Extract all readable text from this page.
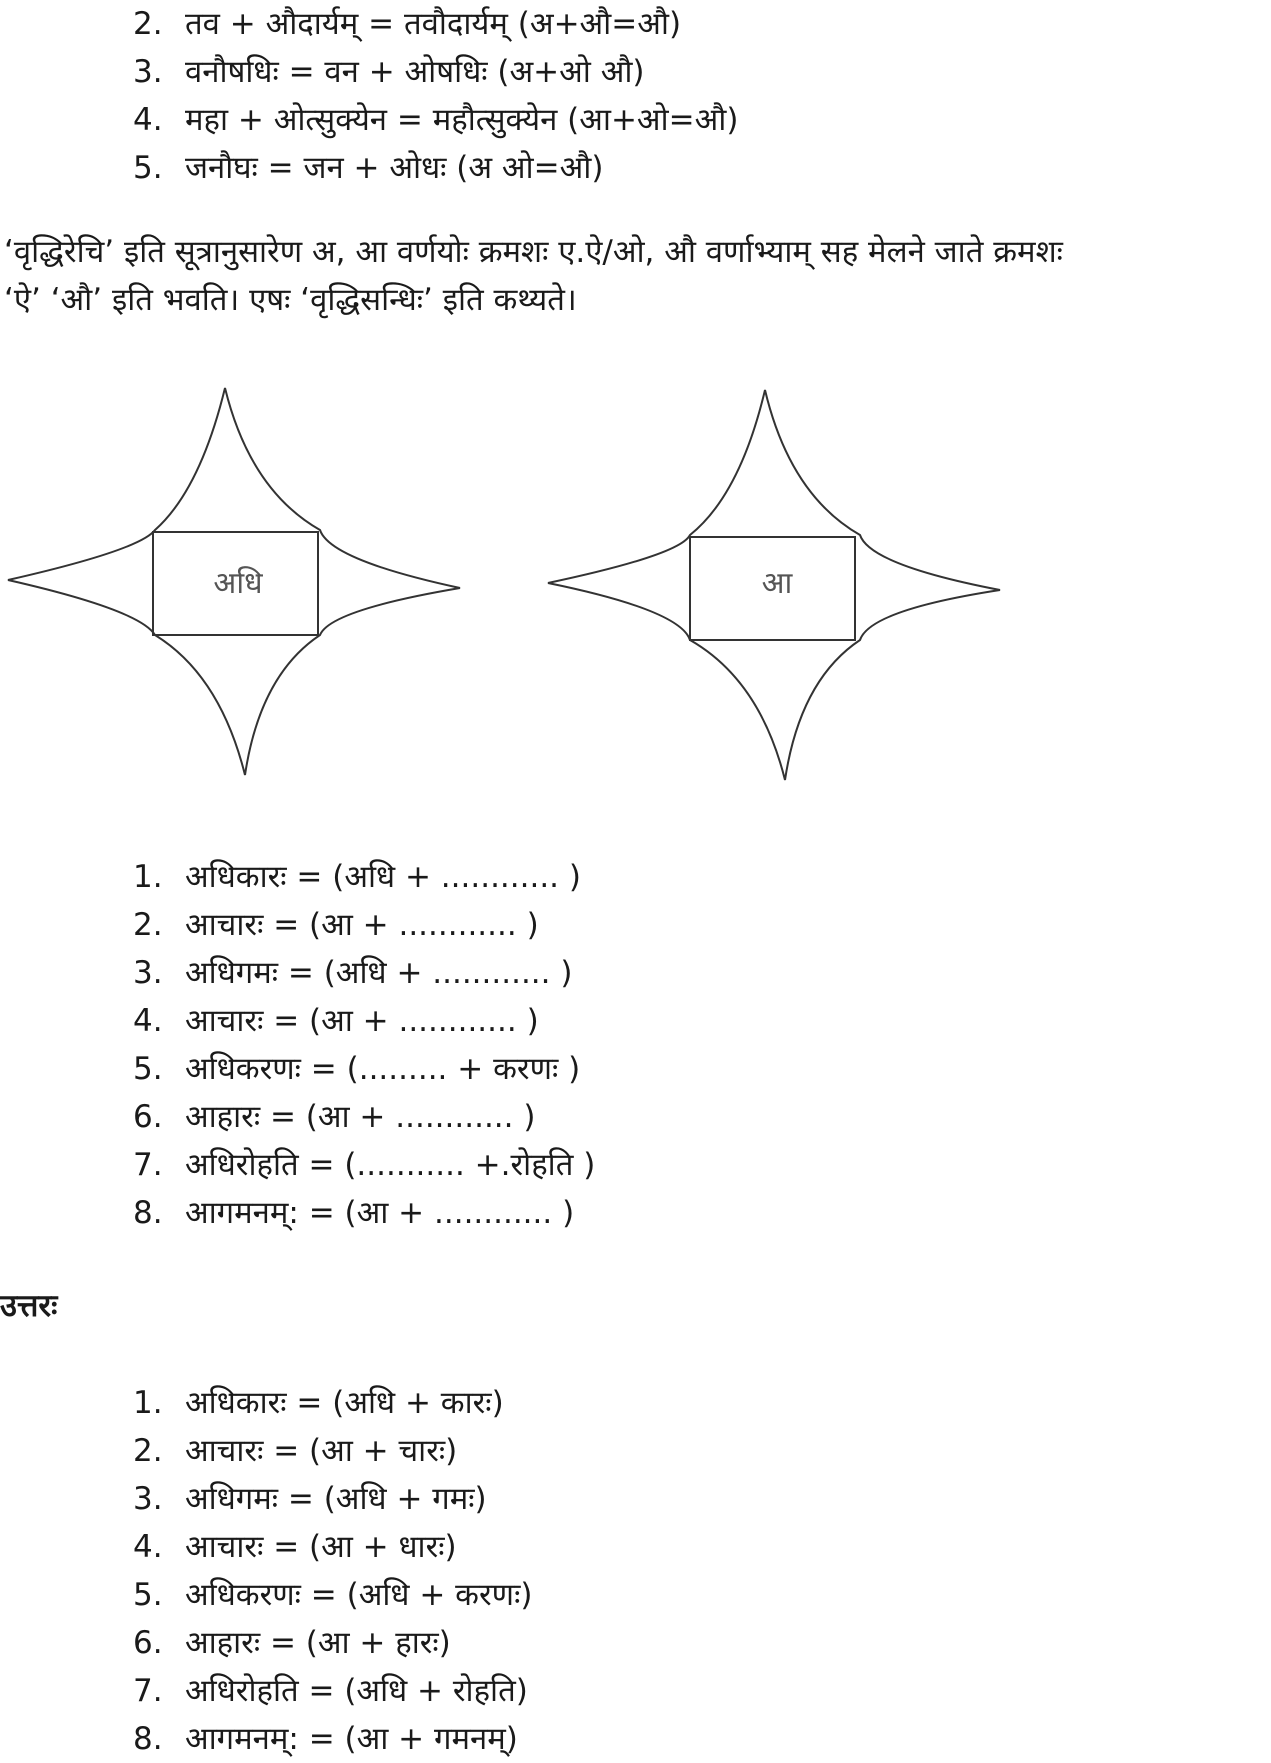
2. तव + औदार्यम् = तवौदार्यम् (अ+औ=औ)
3. वनौषधिः = वन + ओषधिः (अ+ओ औ)
4. महा + ओत्सुक्येन = महौत्सुक्येन (आ+ओ=औ)
5. जनौघः = जन + ओधः (अ ओ=औ)

‘वृद्धिरेचि’ इति सूत्रानुसारेण अ, आ वर्णयोः क्रमशः ए.ऐ/ओ, औ वर्णाभ्याम् सह मेलने जाते क्रमशः
‘ऐ’ ‘औ’ इति भवति। एषः ‘वृद्धिसन्धिः’ इति कथ्यते।

अधि	आ
1. अधिकारः = (अधि + ............ )
2. आचारः = (आ + ............ )
3. अधिगमः = (अधि + ............ )
4. आचारः = (आ + ............ )
5. अधिकरणः = (......... + करणः )
6. आहारः = (आ + ............ )
7. अधिरोहति = (........... +.रोहति )
8. आगमनम्: = (आ + ............ )
उत्तरः
1. अधिकारः = (अधि + कारः)
2. आचारः = (आ + चारः)
3. अधिगमः = (अधि + गमः)
4. आचारः = (आ + धारः)
5. अधिकरणः = (अधि + करणः)
6. आहारः = (आ + हारः)
7. अधिरोहति = (अधि + रोहति)
8. आगमनम्: = (आ + गमनम्)
